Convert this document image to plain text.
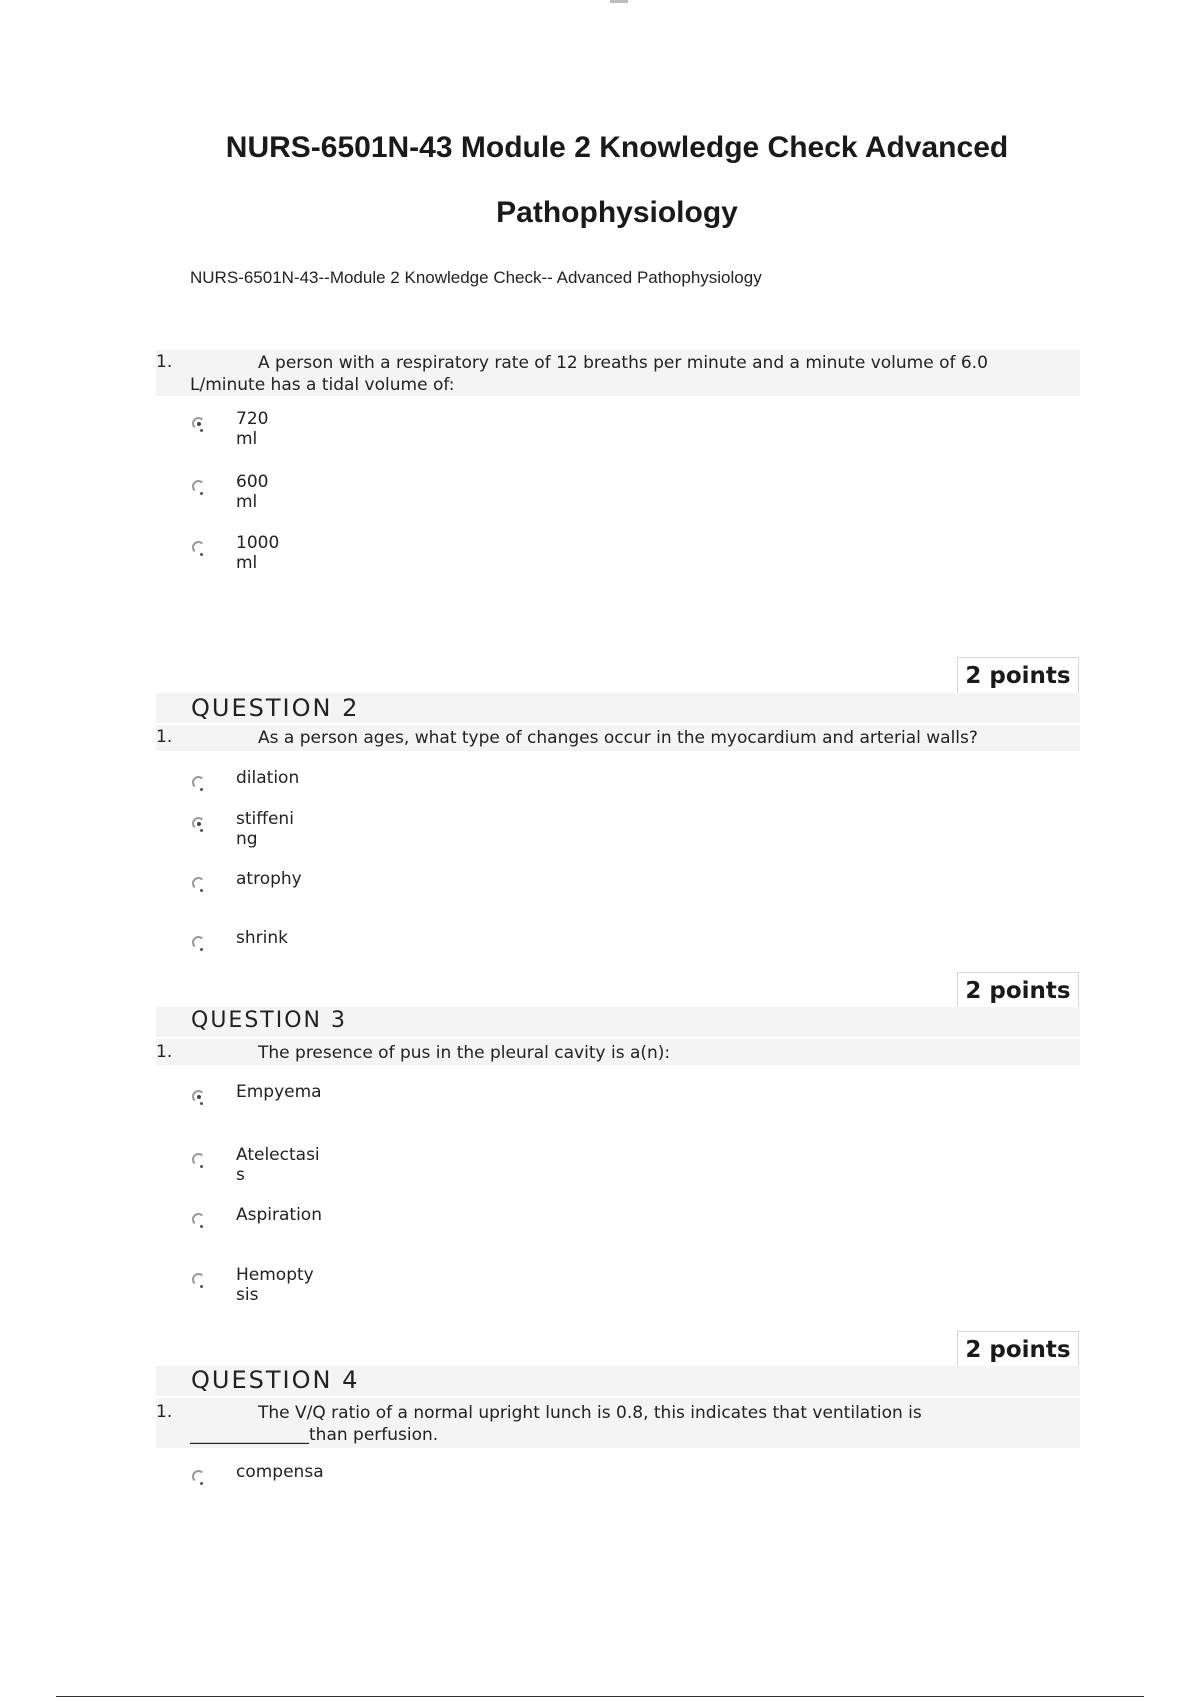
NURS-6501N-43 Module 2 Knowledge Check Advanced
Pathophysiology
NURS-6501N-43--Module 2 Knowledge Check-- Advanced Pathophysiology
1.	A person with a respiratory rate of 12 breaths per minute and a minute volume of 6.0
L/minute has a tidal volume of:
720 ml
600 ml
1000 ml
2 points
QUESTION 2
1.	As a person ages, what type of changes occur in the myocardium and arterial walls?
dilation
stiffening
atrophy
shrink
2 points
QUESTION 3
1.	The presence of pus in the pleural cavity is a(n):
Empyema
Atelectasis
Aspiration
Hemoptysis
2 points
QUESTION 4
1.	The V/Q ratio of a normal upright lunch is 0.8, this indicates that ventilation is
______________than perfusion.
compensa
